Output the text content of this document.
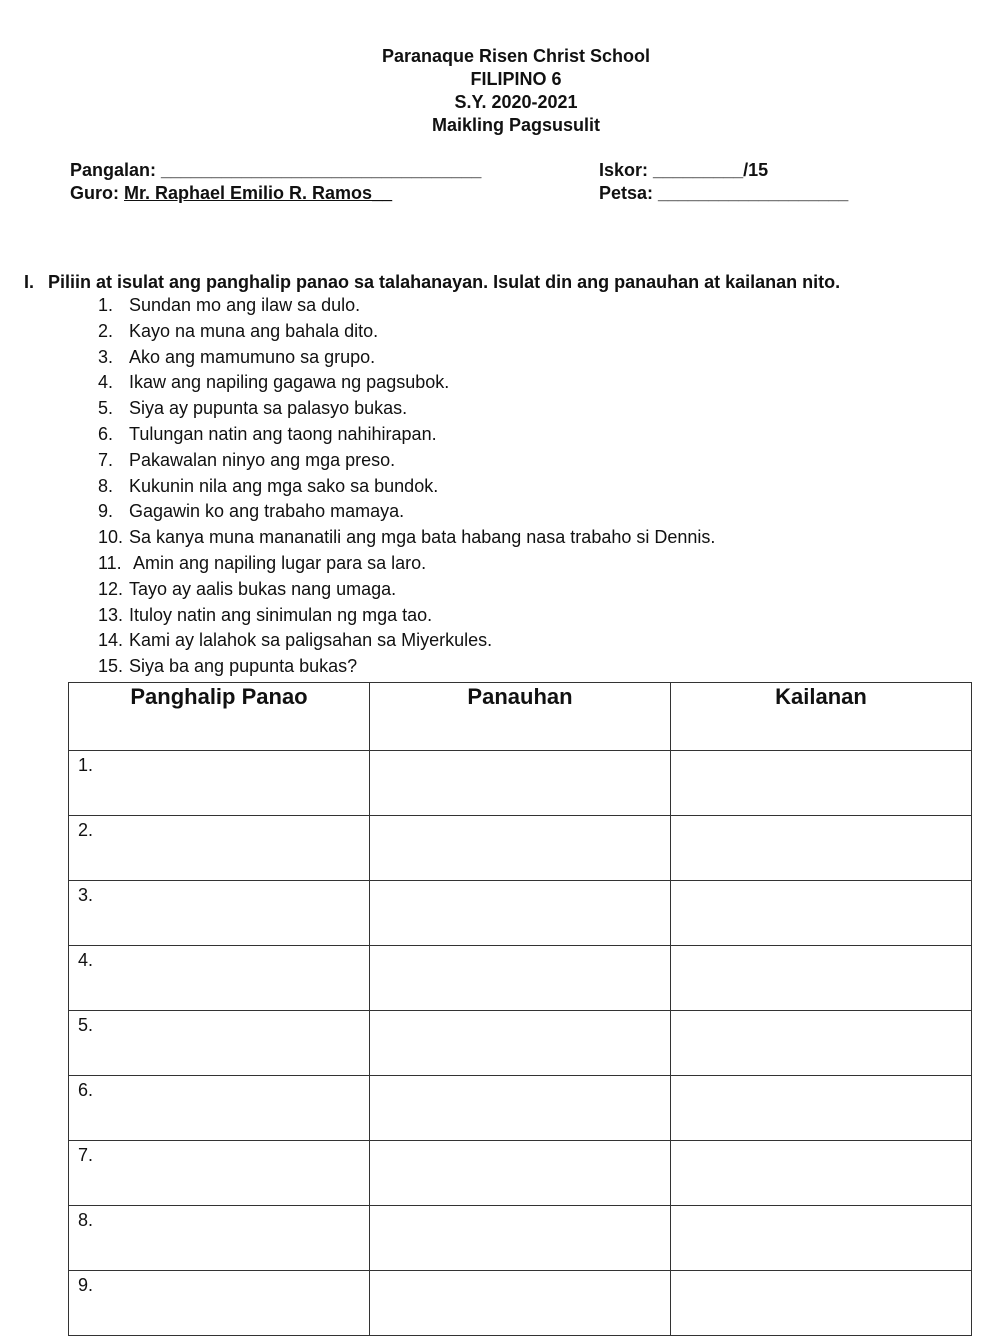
Paranaque Risen Christ School
FILIPINO 6
S.Y. 2020-2021
Maikling Pagsusulit
Pangalan: ________________________________
Guro: Mr. Raphael Emilio R. Ramos__
Iskor: _________/15
Petsa: ___________________
I. Piliin at isulat ang panghalip panao sa talahanayan. Isulat din ang panauhan at kailanan nito.
1. Sundan mo ang ilaw sa dulo.
2. Kayo na muna ang bahala dito.
3. Ako ang mamumuno sa grupo.
4. Ikaw ang napiling gagawa ng pagsubok.
5. Siya ay pupunta sa palasyo bukas.
6. Tulungan natin ang taong nahihirapan.
7. Pakawalan ninyo ang mga preso.
8. Kukunin nila ang mga sako sa bundok.
9. Gagawin ko ang trabaho mamaya.
10. Sa kanya muna mananatili ang mga bata habang nasa trabaho si Dennis.
11. Amin ang napiling lugar para sa laro.
12. Tayo ay aalis bukas nang umaga.
13. Ituloy natin ang sinimulan ng mga tao.
14. Kami ay lalahok sa paligsahan sa Miyerkules.
15. Siya ba ang pupunta bukas?
Panghalip Panao	Panauhan	Kailanan
1.		
2.		
3.		
4.		
5.		
6.		
7.		
8.		
9.		
